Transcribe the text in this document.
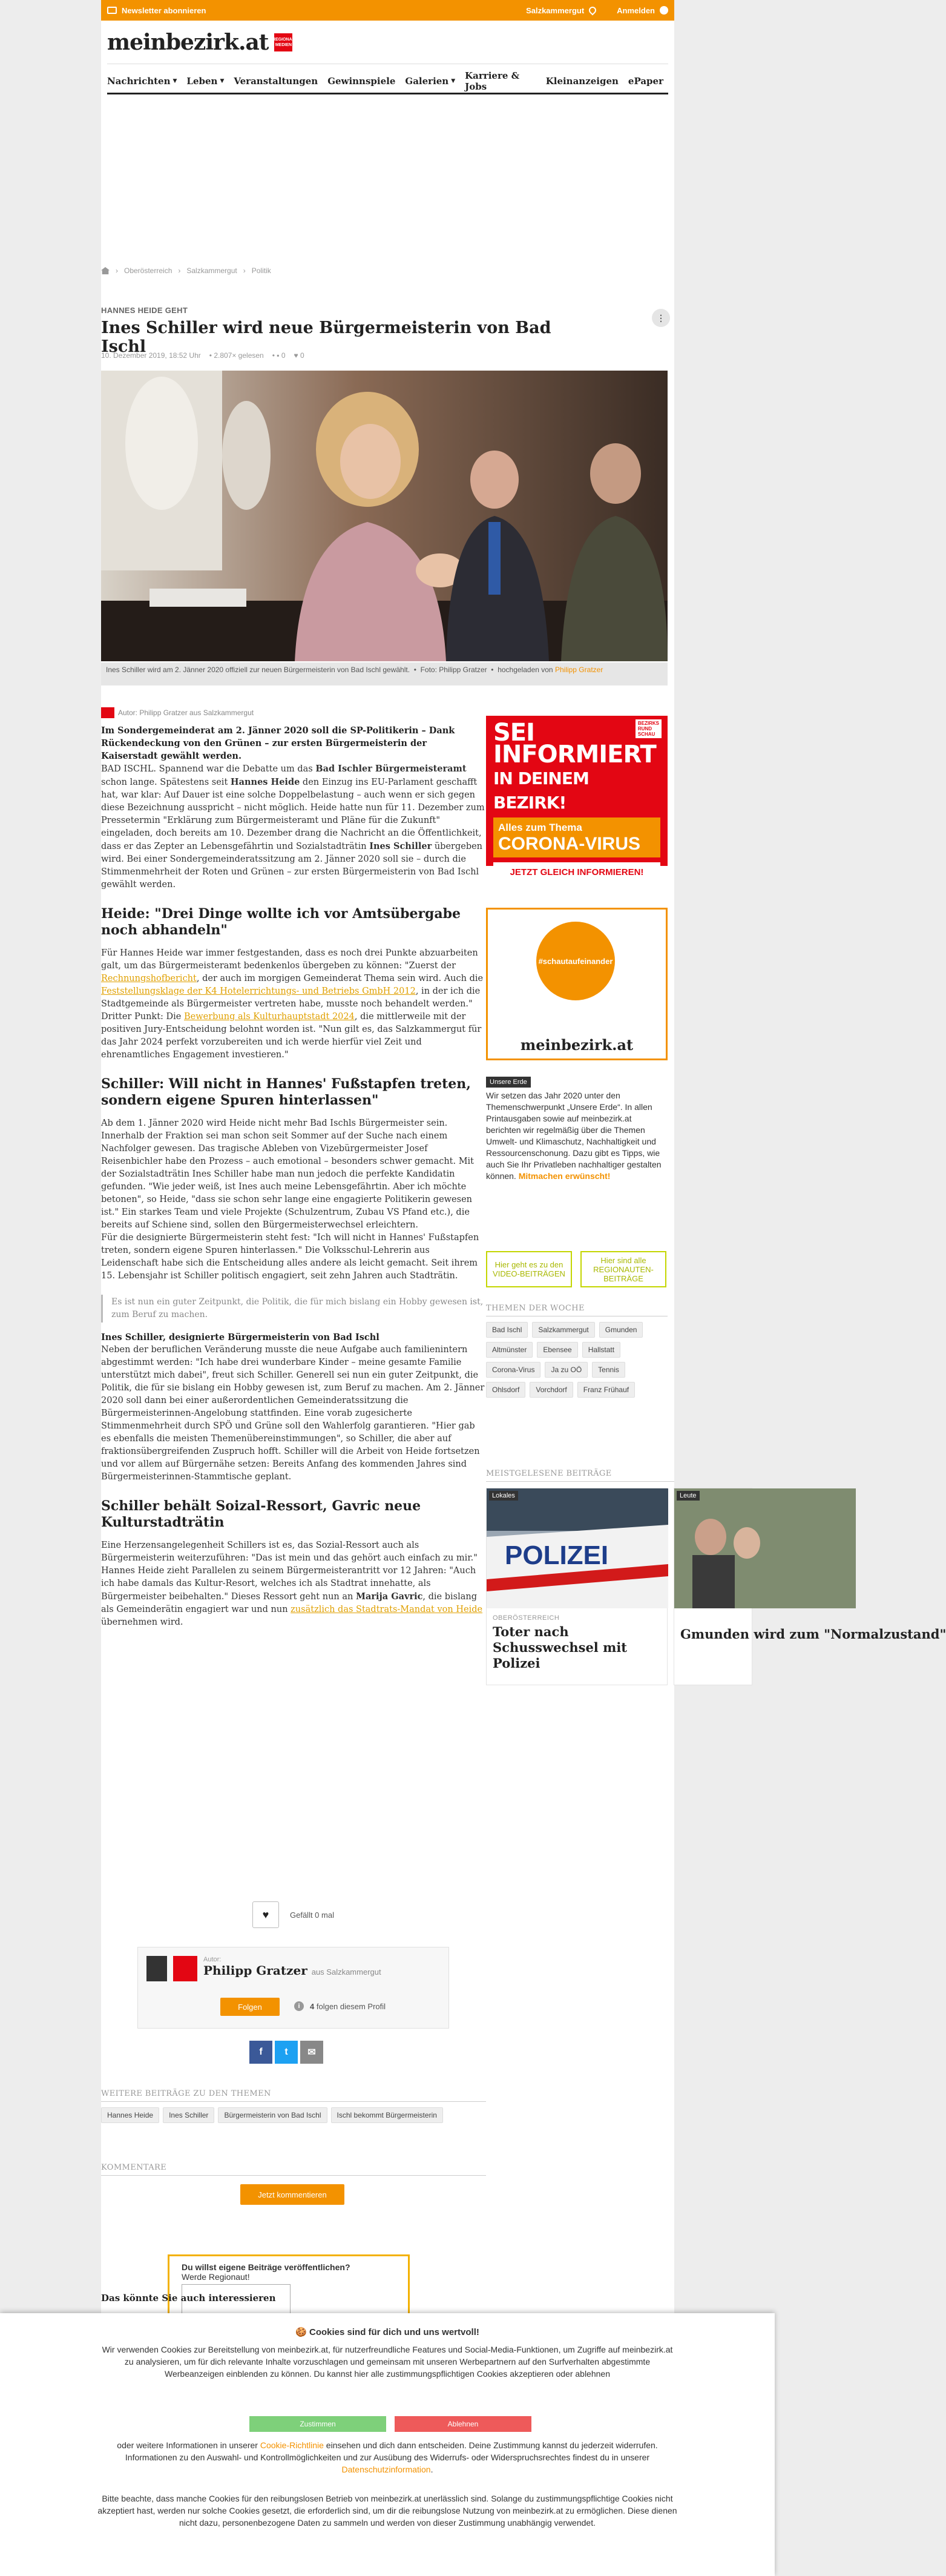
Newsletter abonnieren	Salzkammergut	Anmelden
meinbezirk.at REGIONAL
MEDIEN
Nachrichten ▼ Leben ▼ Veranstaltungen Gewinnspiele Galerien ▼ Karriere & Jobs	Kleinanzeigen ePaper
› Oberösterreich › Salzkammergut › Politik
HANNES HEIDE GEHT
Ines Schiller wird neue Bürgermeisterin von Bad Ischl
⋮
10. Dezember 2019, 18:52 Uhr • 2.807× gelesen • ▪ 0 ♥ 0
Ines Schiller wird am 2. Jänner 2020 offiziell zur neuen Bürgermeisterin von Bad Ischl gewählt.  •  Foto: Philipp Gratzer  •  hochgeladen von Philipp Gratzer
Autor: Philipp Gratzer aus Salzkammergut

Im Sondergemeinderat am 2. Jänner 2020 soll die SP-Politikerin – Dank Rückendeckung von den Grünen – zur ersten Bürgermeisterin der Kaiserstadt gewählt werden.

BAD ISCHL. Spannend war die Debatte um das Bad Ischler Bürgermeisteramt schon lange. Spätestens seit Hannes Heide den Einzug ins EU-Parlament geschafft hat, war klar: Auf Dauer ist eine solche Doppelbelastung – auch wenn er sich gegen diese Bezeichnung ausspricht – nicht möglich. Heide hatte nun für 11. Dezember zum Pressetermin "Erklärung zum Bürgermeisteramt und Pläne für die Zukunft" eingeladen, doch bereits am 10. Dezember drang die Nachricht an die Öffentlichkeit, dass er das Zepter an Lebensgefährtin und Sozialstadträtin Ines Schiller übergeben wird. Bei einer Sondergemeinderatssitzung am 2. Jänner 2020 soll sie – durch die Stimmenmehrheit der Roten und Grünen – zur ersten Bürgermeisterin von Bad Ischl gewählt werden.

Heide: "Drei Dinge wollte ich vor Amtsübergabe noch abhandeln"

Für Hannes Heide war immer festgestanden, dass es noch drei Punkte abzuarbeiten galt, um das Bürgermeisteramt bedenkenlos übergeben zu können: "Zuerst der Rechnungshofbericht, der auch im morgigen Gemeinderat Thema sein wird. Auch die Feststellungsklage der K4 Hotelerrichtungs- und Betriebs GmbH 2012, in der ich die Stadtgemeinde als Bürgermeister vertreten habe, musste noch behandelt werden." Dritter Punkt: Die Bewerbung als Kulturhauptstadt 2024, die mittlerweile mit der positiven Jury-Entscheidung belohnt worden ist. "Nun gilt es, das Salzkammergut für das Jahr 2024 perfekt vorzubereiten und ich werde hierfür viel Zeit und ehrenamtliches Engagement investieren."

Schiller: Will nicht in Hannes' Fußstapfen treten, sondern eigene Spuren hinterlassen"

Ab dem 1. Jänner 2020 wird Heide nicht mehr Bad Ischls Bürgermeister sein. Innerhalb der Fraktion sei man schon seit Sommer auf der Suche nach einem Nachfolger gewesen. Das tragische Ableben von Vizebürgermeister Josef Reisenbichler habe den Prozess – auch emotional – besonders schwer gemacht. Mit der Sozialstadträtin Ines Schiller habe man nun jedoch die perfekte Kandidatin gefunden. "Wie jeder weiß, ist Ines auch meine Lebensgefährtin. Aber ich möchte betonen", so Heide, "dass sie schon sehr lange eine engagierte Politikerin gewesen ist." Ein starkes Team und viele Projekte (Schulzentrum, Zubau VS Pfand etc.), die bereits auf Schiene sind, sollen den Bürgermeisterwechsel erleichtern.

Für die designierte Bürgermeisterin steht fest: "Ich will nicht in Hannes' Fußstapfen treten, sondern eigene Spuren hinterlassen." Die Volksschul-Lehrerin aus Leidenschaft habe sich die Entscheidung alles andere als leicht gemacht. Seit ihrem 15. Lebensjahr ist Schiller politisch engagiert, seit zehn Jahren auch Stadträtin.

Es ist nun ein guter Zeitpunkt, die Politik, die für mich bislang ein Hobby gewesen ist, zum Beruf zu machen.

Ines Schiller, designierte Bürgermeisterin von Bad Ischl

Neben der beruflichen Veränderung musste die neue Aufgabe auch familienintern abgestimmt werden: "Ich habe drei wunderbare Kinder – meine gesamte Familie unterstützt mich dabei", freut sich Schiller. Generell sei nun ein guter Zeitpunkt, die Politik, die für sie bislang ein Hobby gewesen ist, zum Beruf zu machen. Am 2. Jänner 2020 soll dann bei einer außerordentlichen Gemeinderatssitzung die Bürgermeisterinnen-Angelobung stattfinden. Eine vorab zugesicherte Stimmenmehrheit durch SPÖ und Grüne soll den Wahlerfolg garantieren. "Hier gab es ebenfalls die meisten Themenübereinstimmungen", so Schiller, die aber auf fraktionsübergreifenden Zuspruch hofft. Schiller will die Arbeit von Heide fortsetzen und vor allem auf Bürgernähe setzen: Bereits Anfang des kommenden Jahres sind Bürgermeisterinnen-Stammtische geplant.

Schiller behält Soizal-Ressort, Gavric neue Kulturstadträtin

Eine Herzensangelegenheit Schillers ist es, das Sozial-Ressort auch als Bürgermeisterin weiterzuführen: "Das ist mein und das gehört auch einfach zu mir." Hannes Heide zieht Parallelen zu seinem Bürgermeisterantritt vor 12 Jahren: "Auch ich habe damals das Kultur-Resort, welches ich als Stadtrat innehatte, als Bürgermeister beibehalten." Dieses Ressort geht nun an Marija Gavric, die bislang als Gemeinderätin engagiert war und nun zusätzlich das Stadtrats-Mandat von Heide übernehmen wird.

♥	Gefällt 0 mal
Autor:
Philipp Gratzer aus Salzkammergut
Folgen	i	4 folgen diesem Profil
f	t	✉
WEITERE BEITRÄGE ZU DEN THEMEN
Hannes Heide	Ines Schiller	Bürgermeisterin von Bad Ischl	Ischl bekommt Bürgermeisterin
KOMMENTARE
Jetzt kommentieren
Du willst eigene Beiträge veröffentlichen?
Werde Regionaut!
Das könnte Sie auch interessieren
BEZIRKS
RUND
SCHAU
SEI
INFORMIERT
IN DEINEM BEZIRK!
Alles zum Thema
CORONA-VIRUS
JETZT GLEICH INFORMIEREN!
#schautaufeinander
meinbezirk.at
Unsere Erde
Wir setzen das Jahr 2020 unter den Themenschwerpunkt „Unsere Erde“. In allen Printausgaben sowie auf meinbezirk.at berichten wir regelmäßig über die Themen Umwelt- und Klimaschutz, Nachhaltigkeit und Ressourcenschonung. Dazu gibt es Tipps, wie auch Sie Ihr Privatleben nachhaltiger gestalten können. Mitmachen erwünscht!
Hier geht es zu den VIDEO-BEITRÄGEN
Hier sind alle REGIONAUTEN-BEITRÄGE
THEMEN DER WOCHE
Bad Ischl	Salzkammergut	Gmunden
Altmünster	Ebensee	Hallstatt
Corona-Virus	Ja zu OÖ	Tennis
Ohlsdorf	Vorchdorf	Franz Frühauf
MEISTGELESENE BEITRÄGE
POLIZEI
Lokales
OBERÖSTERREICH
Toter nach Schusswechsel mit Polizei
Leute
Gmunden wird zum "Normalzustand"
🍪 Cookies sind für dich und uns wertvoll!
Wir verwenden Cookies zur Bereitstellung von meinbezirk.at, für nutzerfreundliche Features und Social-Media-Funktionen, um Zugriffe auf meinbezirk.at zu analysieren, um für dich relevante Inhalte vorzuschlagen und gemeinsam mit unseren Werbepartnern auf den Surfverhalten abgestimmte Werbeanzeigen einblenden zu können. Du kannst hier alle zustimmungspflichtigen Cookies akzeptieren oder ablehnen
Zustimmen	Ablehnen
oder weitere Informationen in unserer Cookie-Richtlinie einsehen und dich dann entscheiden. Deine Zustimmung kannst du jederzeit widerrufen. Informationen zu den Auswahl- und Kontrollmöglichkeiten und zur Ausübung des Widerrufs- oder Widerspruchsrechtes findest du in unserer Datenschutzinformation.
Bitte beachte, dass manche Cookies für den reibungslosen Betrieb von meinbezirk.at unerlässlich sind. Solange du zustimmungspflichtige Cookies nicht akzeptiert hast, werden nur solche Cookies gesetzt, die erforderlich sind, um dir die reibungslose Nutzung von meinbezirk.at zu ermöglichen. Diese dienen nicht dazu, personenbezogene Daten zu sammeln und werden von dieser Zustimmung unabhängig verwendet.
